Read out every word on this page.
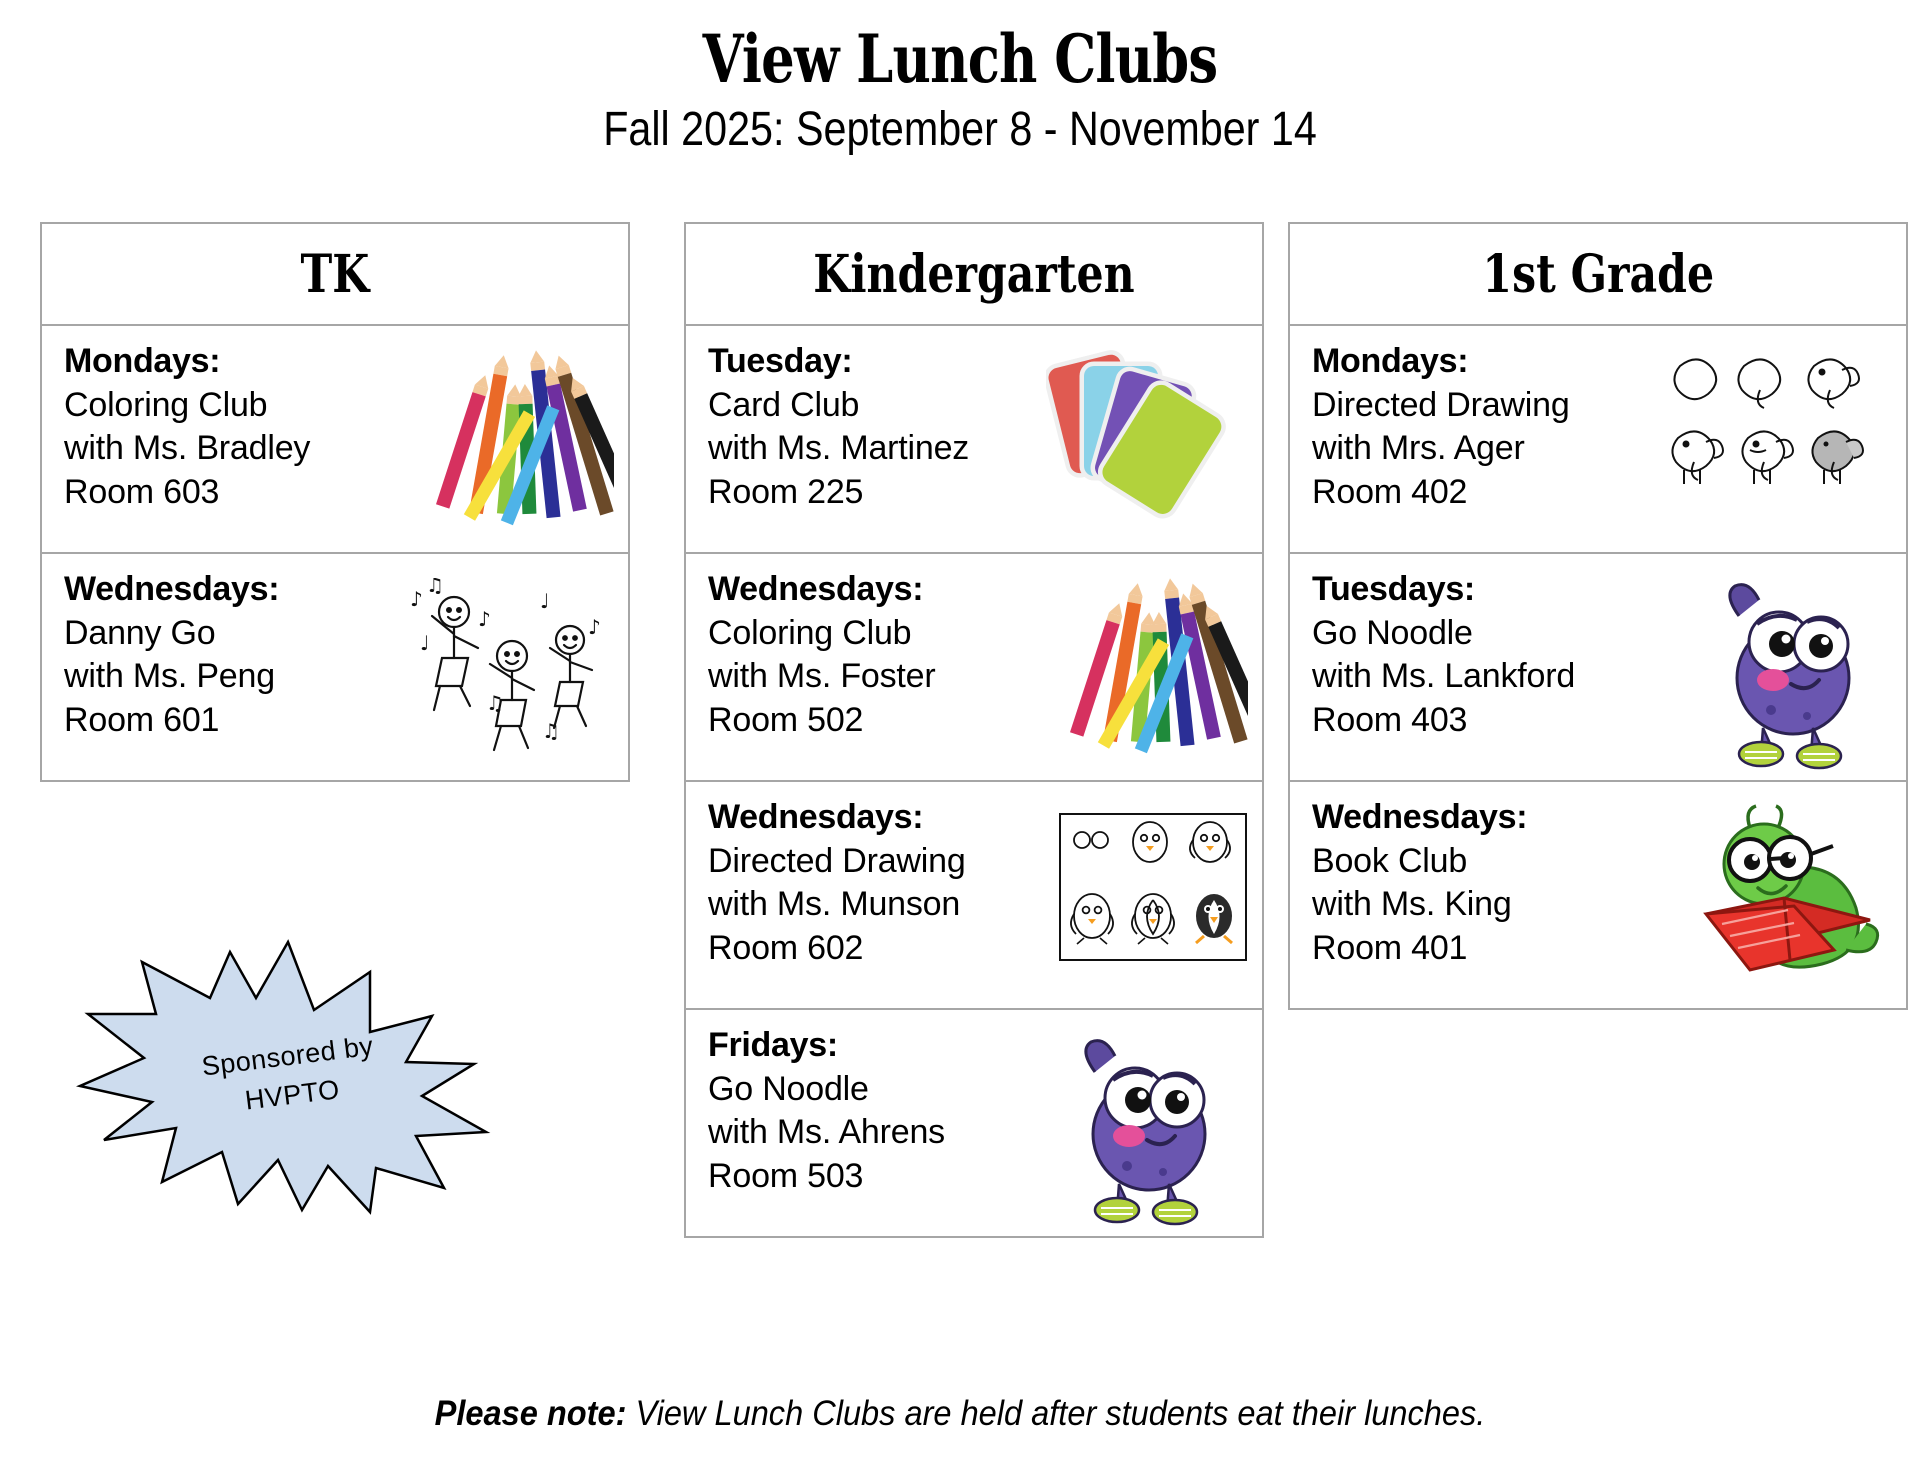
View Lunch Clubs
Fall 2025: September 8 - November 14
TK
Mondays:
Coloring Club
with Ms. Bradley
Room 603
Wednesdays:
Danny Go
with Ms. Peng
Room 601
♪
♫
♩
♪
♫
♩
♪
♫
Kindergarten
Tuesday:
Card Club
with Ms. Martinez
Room 225
Wednesdays:
Coloring Club
with Ms. Foster
Room 502
Wednesdays:
Directed Drawing
with Ms. Munson
Room 602
Fridays:
Go Noodle
with Ms. Ahrens
Room 503
1st Grade
Mondays:
Directed Drawing
with Mrs. Ager
Room 402
Tuesdays:
Go Noodle
with Ms. Lankford
Room 403
Wednesdays:
Book Club
with Ms. King
Room 401
Sponsored by
HVPTO
Please note: View Lunch Clubs are held after students eat their lunches.
